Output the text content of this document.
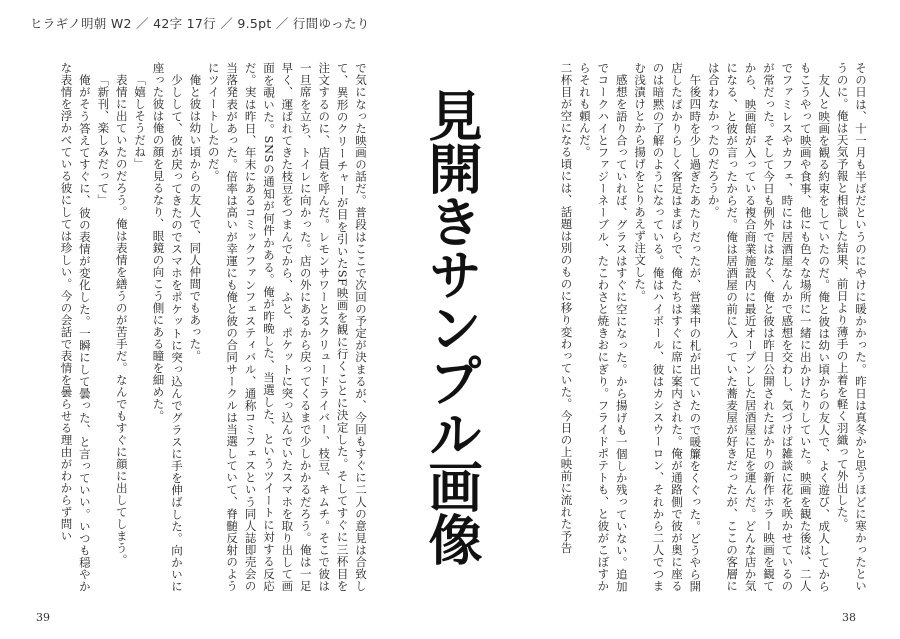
ヒラギノ明朝 W2 ／ 42字 17行 ／ 9.5pt ／ 行間ゆったり

その日は、十一月も半ばだというのにやけに暖かかった。昨日は真冬かと思うほどに寒かったというのに。俺は天気予報と相談した結果、前日より薄手の上着を軽く羽織って外出した。

友人と映画を観る約束をしていたのだ。俺と彼は幼い頃からの友人で、よく遊び、成人してからもこうやって映画や食事、他にも色々な場所に一緒に出かけたりしていた。映画を観た後は、二人でファミレスやカフェ、時には居酒屋なんかで感想を交わし、気づけば雑談に花を咲かせているのが常だった。そして今日も例外ではなく、俺と彼は昨日公開されたばかりの新作ホラー映画を観てから、映画館が入っている複合商業施設内に最近オープンした居酒屋に足を運んだ。どんな店か気になる、と彼が言ったからだ。俺は居酒屋の前に入っていた蕎麦屋が好きだったが、ここの客層には合わなかったのだろうか。

午後四時を少し過ぎたあたりだったが、営業中の札が出ていたので暖簾をくぐった。どうやら開店したばかりらしく客足はまばらで、俺たちはすぐに席に案内された。俺が通路側で彼が奥に座るのは暗黙の了解のようになっている。俺はハイボール、彼はカシスウーロン、それから二人でつまむ浅漬けとから揚げをとりあえず注文した。

感想を語り合っていれば、グラスはすぐに空になった。から揚げも一個しか残っていない。追加でコークハイとファジーネーブル、たこわさと焼きおにぎり。フライドポテトも、と彼がこぼすからそれも頼んだ。

二杯目が空になる頃には、話題は別のものに移り変わっていた。今日の上映前に流れた予告

見開きサンプル画像

で気になった映画の話だ。普段はここで次回の予定が決まるが、今回もすぐに二人の意見は合致して、異形のクリーチャーが目を引いたSF映画を観に行くことに決定した。そしてすぐに三杯目を注文するのに、店員を呼んだ。レモンサワーとスクリュードライバー、枝豆、キムチ。そこで彼は一旦席を立ち、トイレに向かった。店の外にあるから戻ってくるまで少しかかるだろう。俺は一足早く、運ばれてきた枝豆をつまんでから、ふと、ポケットに突っ込んでいたスマホを取り出して画面を覗いた。SNSの通知が何件かある。俺が昨晩した、当選した、というツイートに対する反応だ。実は昨日、年末にあるコミックファンフェスティバル、通称コミフェスという同人誌即売会の当落発表があった。倍率は高いが幸運にも俺と彼の合同サークルは当選していて、脊髄反射のようにツイートしたのだ。

俺と彼は幼い頃からの友人で、同人仲間でもあった。

少しして、彼が戻ってきたのでスマホをポケットに突っ込んでグラスに手を伸ばした。向かいに座った彼は俺の顔を見るなり、眼鏡の向こう側にある瞳を細めた。

「嬉しそうだね」

表情に出ていたのだろう。俺は表情を繕うのが苦手だ。なんでもすぐに顔に出してしまう。

「新刊、楽しみだって」

俺がそう答えてすぐに、彼の表情が変化した。一瞬にして曇った、と言っていい。いつも穏やかな表情を浮かべている彼にしては珍しい。今の会話で表情を曇らせる理由がわからず問い

39	38
